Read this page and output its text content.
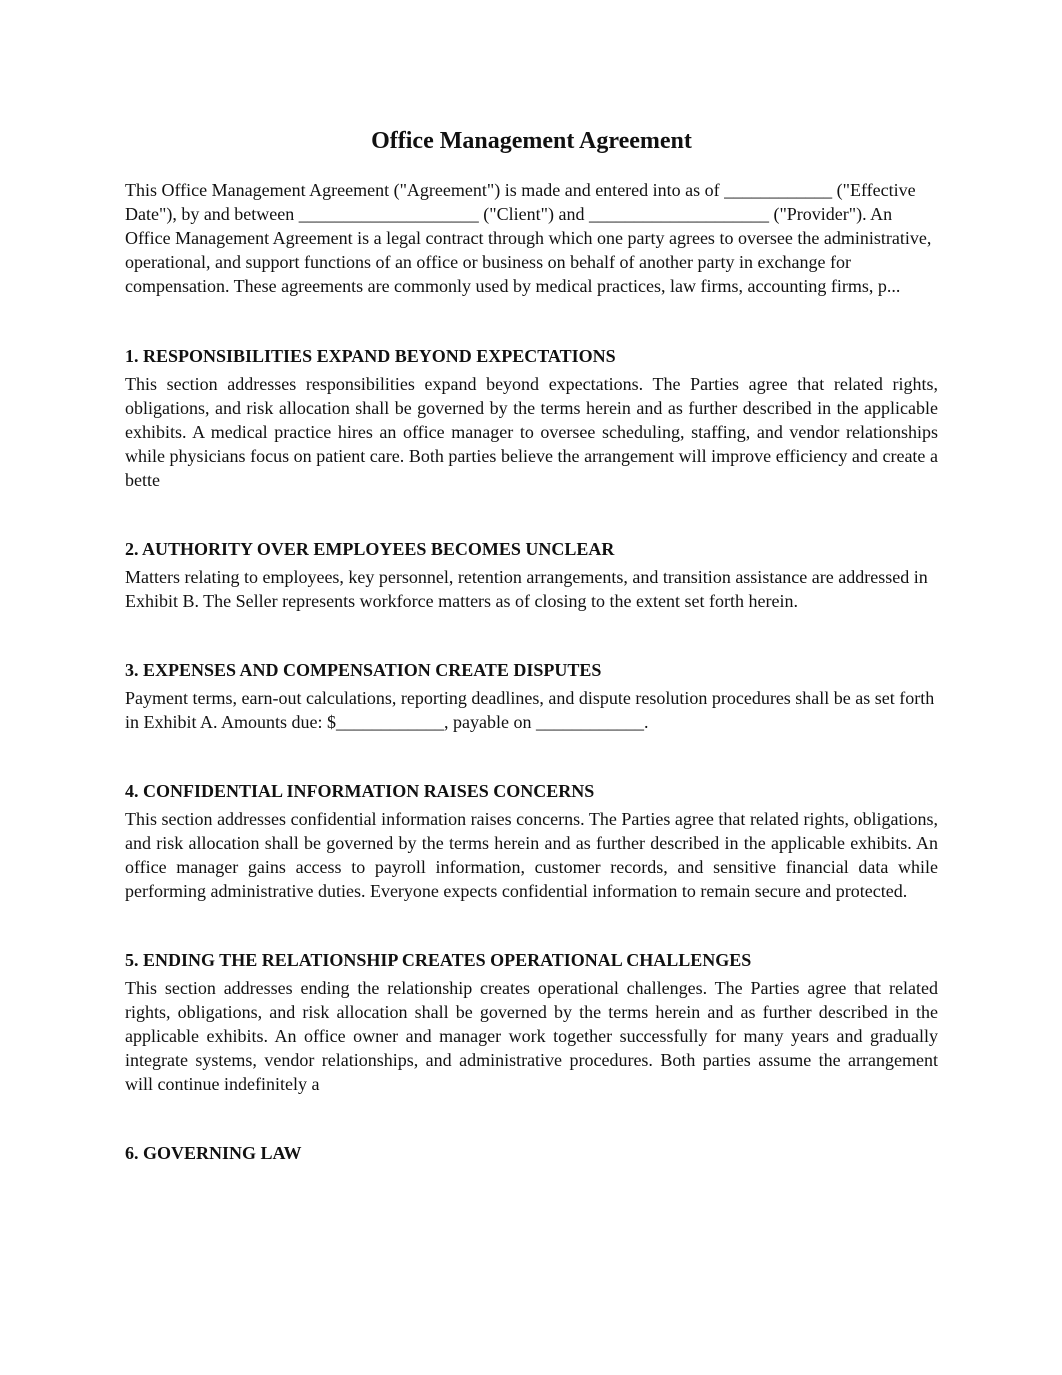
Office Management Agreement

This Office Management Agreement ("Agreement") is made and entered into as of ____________ ("Effective Date"), by and between ____________________ ("Client") and ____________________ ("Provider"). An Office Management Agreement is a legal contract through which one party agrees to oversee the administrative, operational, and support functions of an office or business on behalf of another party in exchange for compensation. These agreements are commonly used by medical practices, law firms, accounting firms, p...

1. RESPONSIBILITIES EXPAND BEYOND EXPECTATIONS

This section addresses responsibilities expand beyond expectations. The Parties agree that related rights, obligations, and risk allocation shall be governed by the terms herein and as further described in the applicable exhibits. A medical practice hires an office manager to oversee scheduling, staffing, and vendor relationships while physicians focus on patient care. Both parties believe the arrangement will improve efficiency and create a bette

2. AUTHORITY OVER EMPLOYEES BECOMES UNCLEAR

Matters relating to employees, key personnel, retention arrangements, and transition assistance are addressed in Exhibit B. The Seller represents workforce matters as of closing to the extent set forth herein.

3. EXPENSES AND COMPENSATION CREATE DISPUTES

Payment terms, earn-out calculations, reporting deadlines, and dispute resolution procedures shall be as set forth in Exhibit A. Amounts due: $____________, payable on ____________.

4. CONFIDENTIAL INFORMATION RAISES CONCERNS

This section addresses confidential information raises concerns. The Parties agree that related rights, obligations, and risk allocation shall be governed by the terms herein and as further described in the applicable exhibits. An office manager gains access to payroll information, customer records, and sensitive financial data while performing administrative duties. Everyone expects confidential information to remain secure and protected.

5. ENDING THE RELATIONSHIP CREATES OPERATIONAL CHALLENGES

This section addresses ending the relationship creates operational challenges. The Parties agree that related rights, obligations, and risk allocation shall be governed by the terms herein and as further described in the applicable exhibits. An office owner and manager work together successfully for many years and gradually integrate systems, vendor relationships, and administrative procedures. Both parties assume the arrangement will continue indefinitely a

6. GOVERNING LAW
